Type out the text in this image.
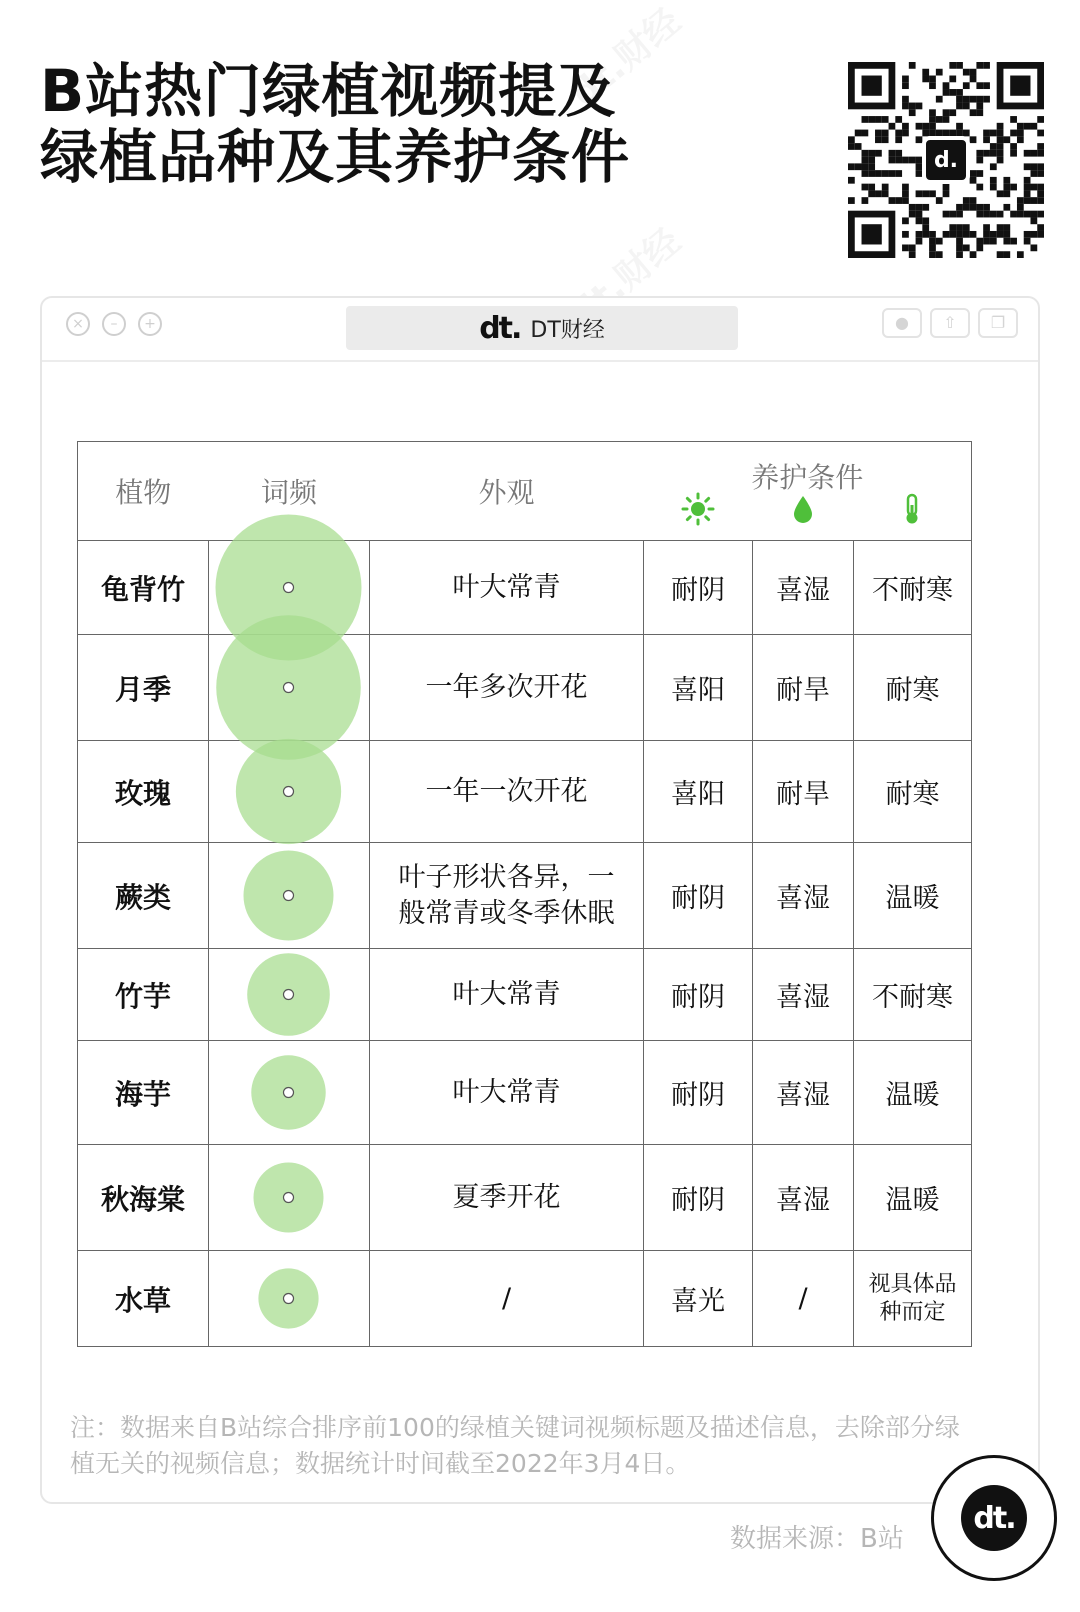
B站热门绿植视频提及
绿植品种及其养护条件	d.
×	–	+	dt. DT财经	●	⇧	❐
植物	词频	外观	养护条件		

龟背竹		叶大常青	耐阴	喜湿	不耐寒
月季		一年多次开花	喜阳	耐旱	耐寒
玫瑰		一年一次开花	喜阳	耐旱	耐寒
蕨类		叶子形状各异，一般常青或冬季休眠	耐阴	喜湿	温暖
竹芋		叶大常青	耐阴	喜湿	不耐寒
海芋		叶大常青	耐阴	喜湿	温暖
秋海棠		夏季开花	耐阴	喜湿	温暖
水草		/	喜光	/	视具体品种而定
注：数据来自B站综合排序前100的绿植关键词视频标题及描述信息，去除部分绿植无关的视频信息；数据统计时间截至2022年3月4日。
数据来源：B站
dt.
